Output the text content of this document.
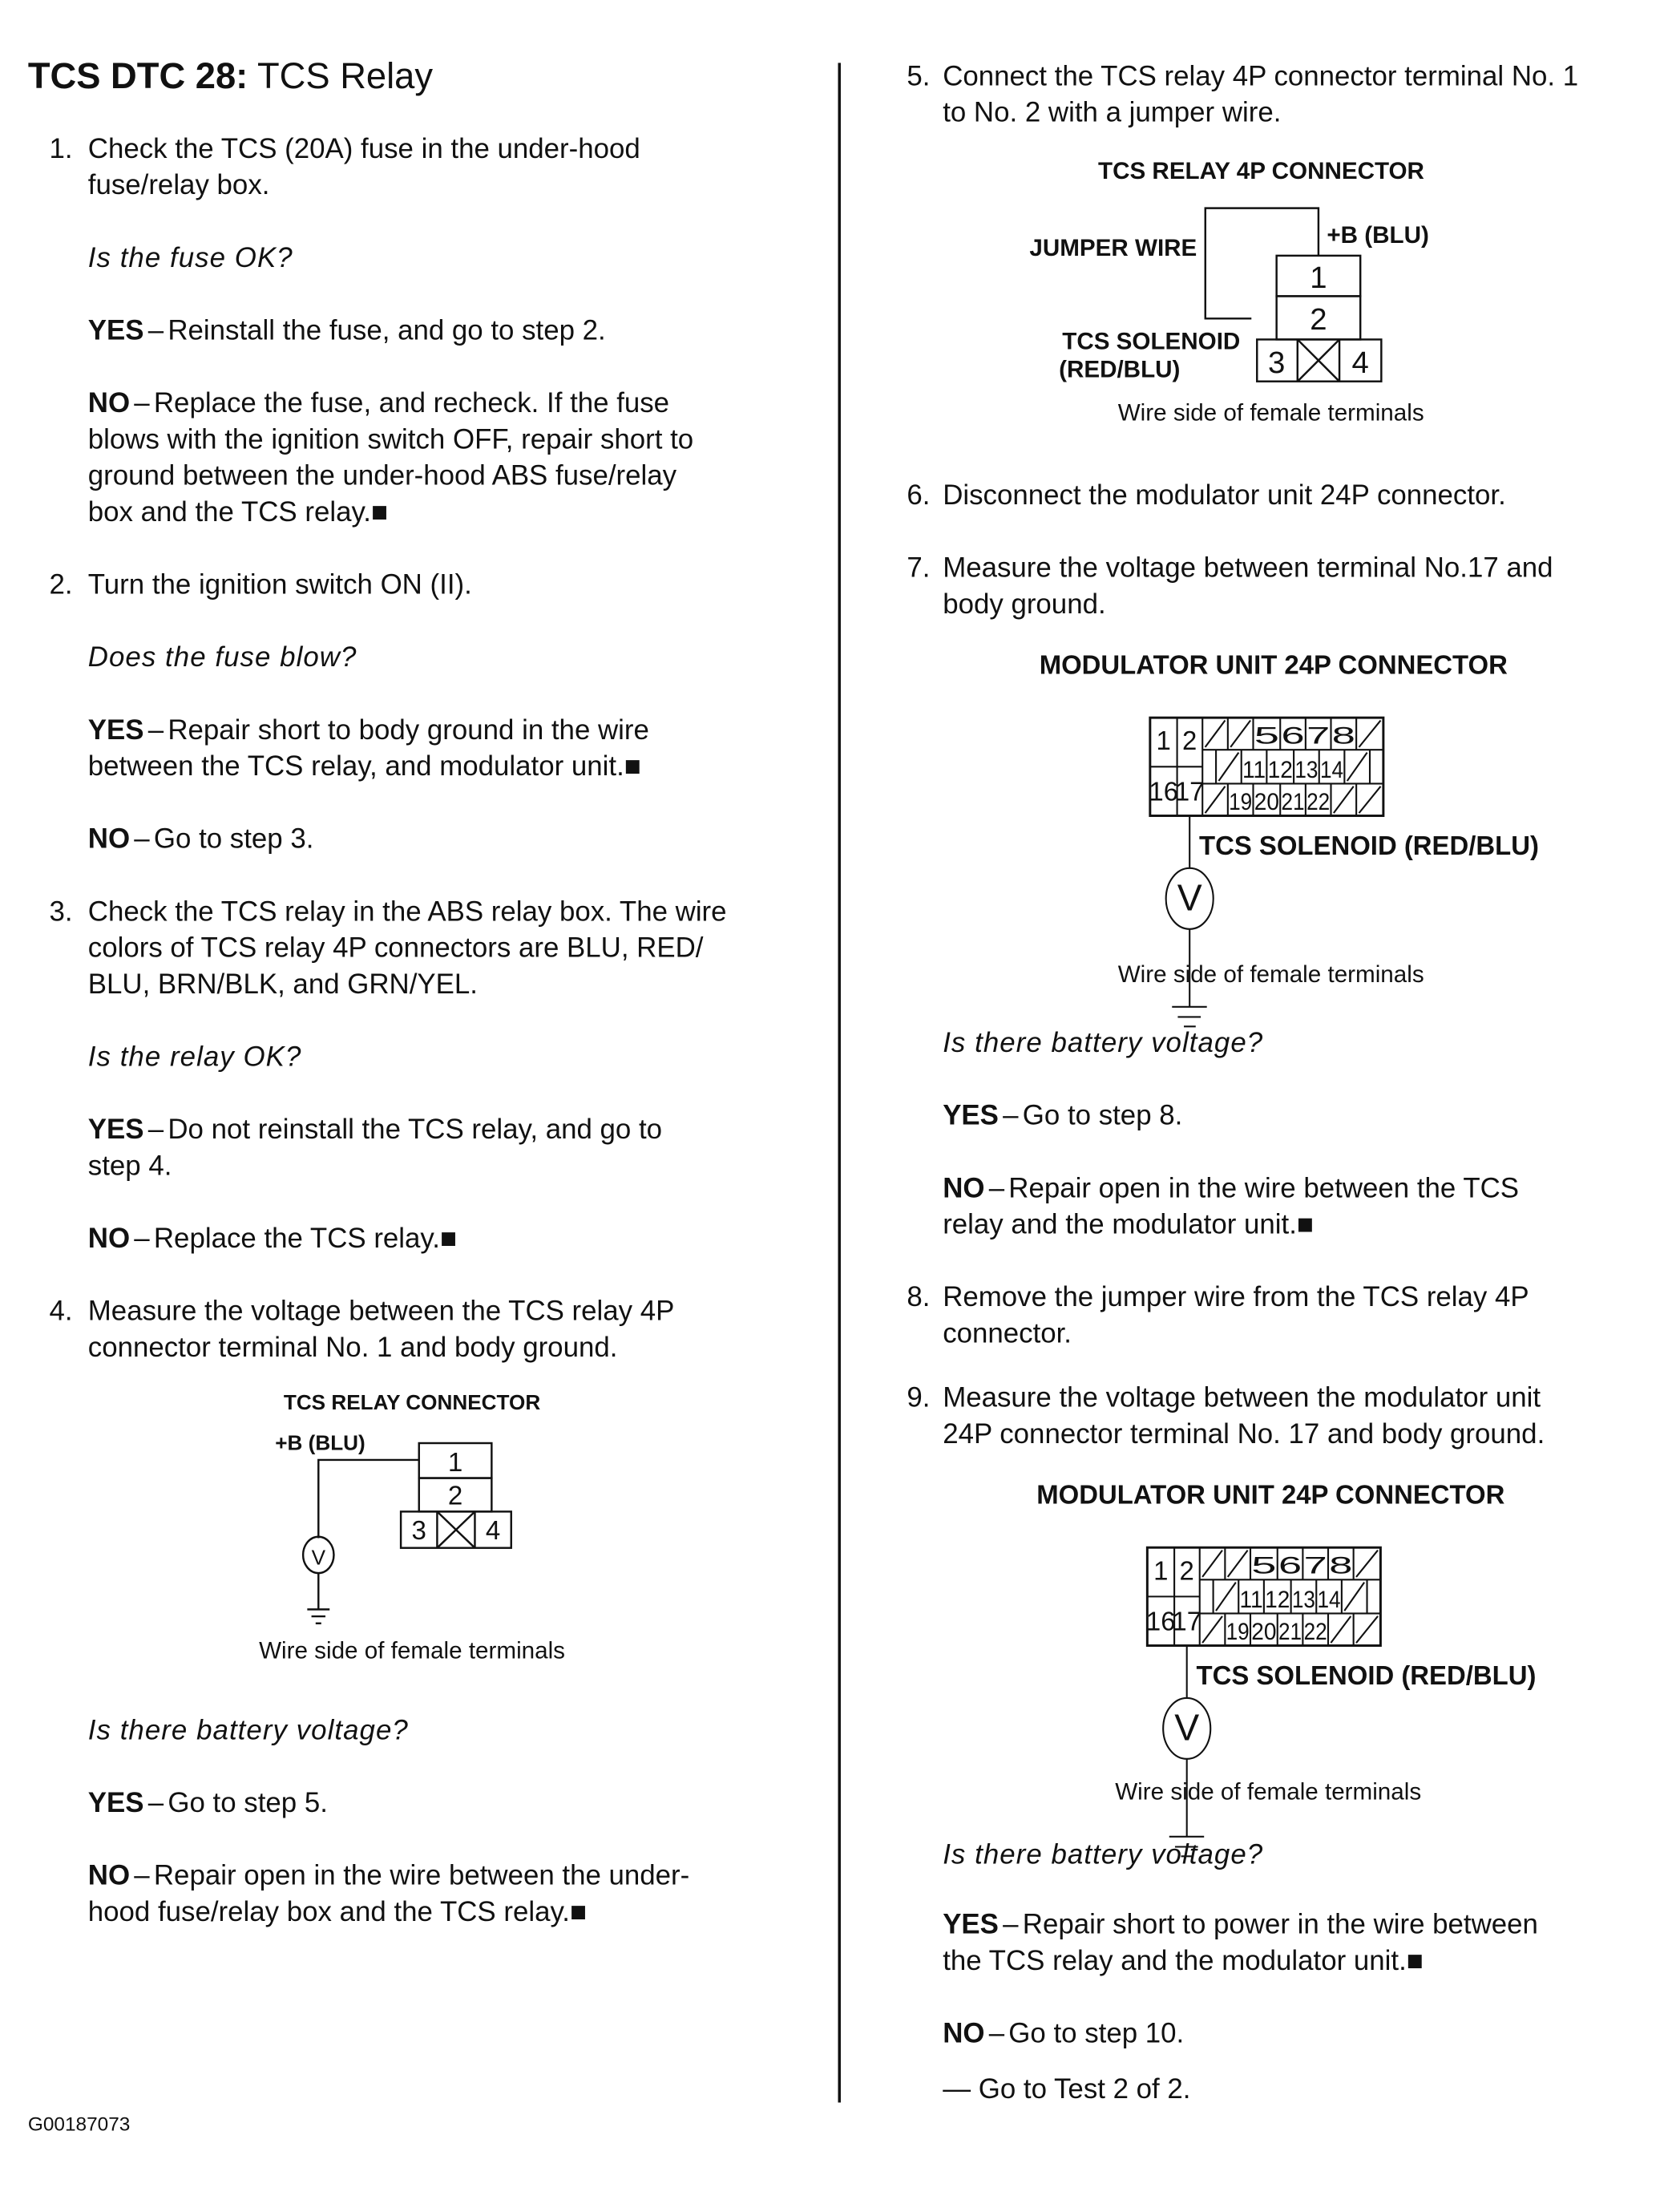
TCS DTC 28: TCS Relay
1. Check the TCS (20A) fuse in the under-hood
fuse/relay box.
Is the fuse OK?
YES – Reinstall the fuse, and go to step 2.
NO – Replace the fuse, and recheck. If the fuse
blows with the ignition switch OFF, repair short to
ground between the under-hood ABS fuse/relay
box and the TCS relay.■
2. Turn the ignition switch ON (II).
Does the fuse blow?
YES – Repair short to body ground in the wire
between the TCS relay, and modulator unit.■
NO – Go to step 3.
3. Check the TCS relay in the ABS relay box. The wire
colors of TCS relay 4P connectors are BLU, RED/
BLU, BRN/BLK, and GRN/YEL.
Is the relay OK?
YES – Do not reinstall the TCS relay, and go to
step 4.
NO – Replace the TCS relay.■
4. Measure the voltage between the TCS relay 4P
connector terminal No. 1 and body ground.
Is there battery voltage?
YES – Go to step 5.
NO – Repair open in the wire between the under-
hood fuse/relay box and the TCS relay.■
5. Connect the TCS relay 4P connector terminal No. 1
to No. 2 with a jumper wire.
6. Disconnect the modulator unit 24P connector.
7. Measure the voltage between terminal No.17 and
body ground.
Is there battery voltage?
YES – Go to step 8.
NO – Repair open in the wire between the TCS
relay and the modulator unit.■
8. Remove the jumper wire from the TCS relay 4P
connector.
9. Measure the voltage between the modulator unit
24P connector terminal No. 17 and body ground.
Is there battery voltage?
YES – Repair short to power in the wire between
the TCS relay and the modulator unit.■
NO – Go to step 10.
— Go to Test 2 of 2.
Wire side of female terminals
Wire side of female terminals
Wire side of female terminals
Wire side of female terminals
TCS RELAY CONNECTOR
+B (BLU)
V
1
2
3	4
TCS RELAY 4P CONNECTOR
JUMPER WIRE	+B (BLU)
TCS SOLENOID
(RED/BLU)
1
2
3	4
MODULATOR UNIT 24P CONNECTOR
1 2
16
17
5 6 7 8
11 12 13 14
19 20 21 22
V
TCS SOLENOID (RED/BLU)
MODULATOR UNIT 24P CONNECTOR
1 2
16
17
5 6 7 8
11 12 13 14
19 20 21 22
V
TCS SOLENOID (RED/BLU)
G00187073
